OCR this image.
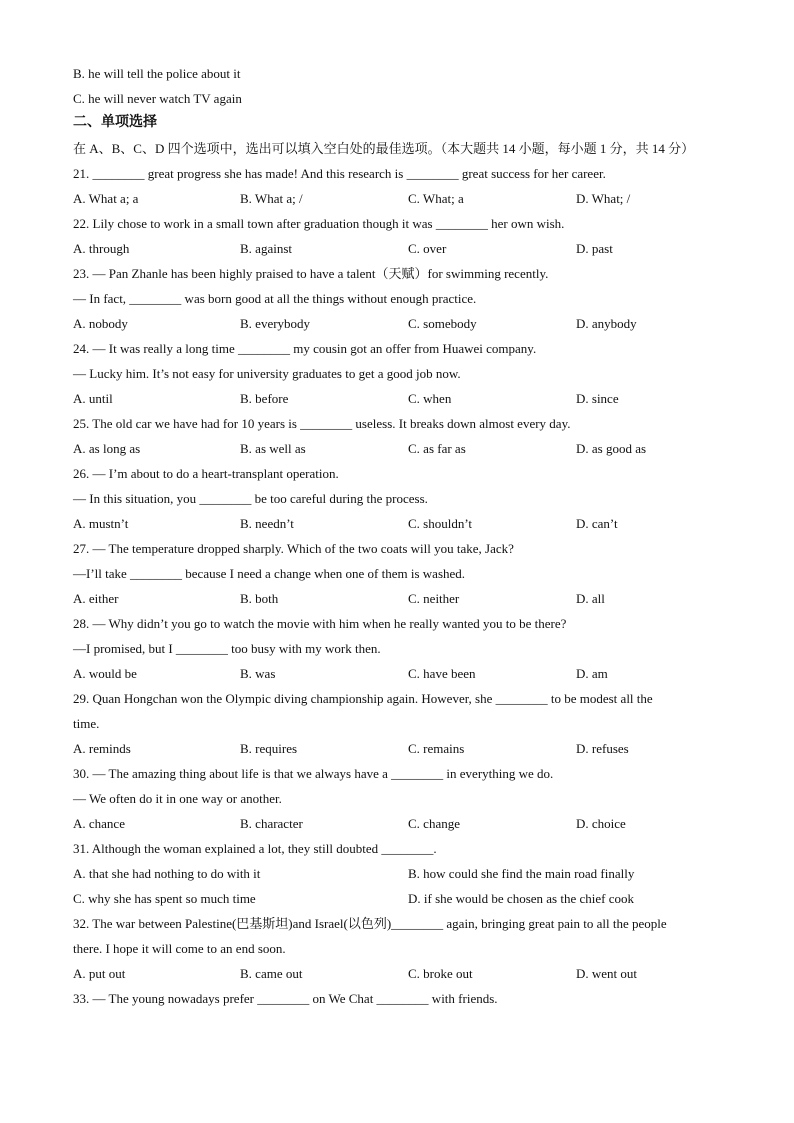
B. he will tell the police about it
C. he will never watch TV again
二、单项选择
在 A、B、C、D 四个选项中，选出可以填入空白处的最佳选项。（本大题共 14 小题，每小题 1 分，共 14 分）
21. ________ great progress she has made! And this research is ________ great success for her career.
A. What a; a	B. What a; /	C. What; a	D. What; /
22. Lily chose to work in a small town after graduation though it was ________ her own wish.
A. through	B. against	C. over	D. past
23. — Pan Zhanle has been highly praised to have a talent（天赋）for swimming recently.
— In fact, ________ was born good at all the things without enough practice.
A. nobody	B. everybody	C. somebody	D. anybody
24. — It was really a long time ________ my cousin got an offer from Huawei company.
— Lucky him. It’s not easy for university graduates to get a good job now.
A. until	B. before	C. when	D. since
25. The old car we have had for 10 years is ________ useless. It breaks down almost every day.
A. as long as	B. as well as	C. as far as	D. as good as
26. — I’m about to do a heart-transplant operation.
— In this situation, you ________ be too careful during the process.
A. mustn’t	B. needn’t	C. shouldn’t	D. can’t
27. — The temperature dropped sharply. Which of the two coats will you take, Jack?
—I’ll take ________ because I need a change when one of them is washed.
A. either	B. both	C. neither	D. all
28. — Why didn’t you go to watch the movie with him when he really wanted you to be there?
—I promised, but I ________ too busy with my work then.
A. would be	B. was	C. have been	D. am
29. Quan Hongchan won the Olympic diving championship again. However, she ________ to be modest all the
time.
A. reminds	B. requires	C. remains	D. refuses
30. — The amazing thing about life is that we always have a ________ in everything we do.
— We often do it in one way or another.
A. chance	B. character	C. change	D. choice
31. Although the woman explained a lot, they still doubted ________.
A. that she had nothing to do with it	B. how could she find the main road finally
C. why she has spent so much time	D. if she would be chosen as the chief cook
32. The war between Palestine(巴基斯坦)and Israel(以色列)________ again, bringing great pain to all the people
there. I hope it will come to an end soon.
A. put out	B. came out	C. broke out	D. went out
33. — The young nowadays prefer ________ on We Chat ________ with friends.
